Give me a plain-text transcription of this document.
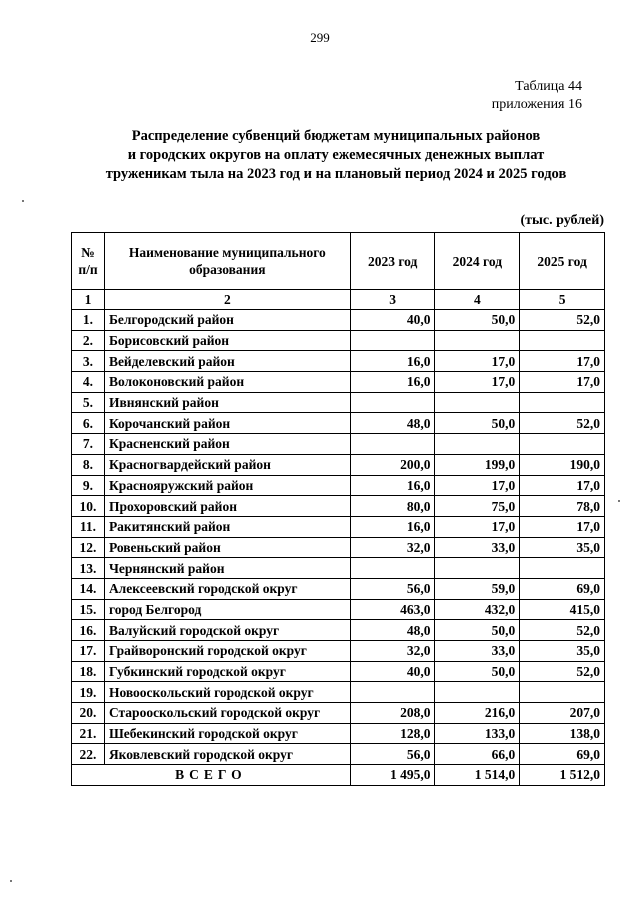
299
Таблица 44
приложения 16
Распределение субвенций бюджетам муниципальных районов
и городских округов на оплату ежемесячных денежных выплат
труженикам тыла на 2023 год и на плановый период 2024 и 2025 годов
(тыс. рублей)
№ п/п	Наименование муниципального образования	2023 год	2024 год	2025 год
1	2	3	4	5
1.	Белгородский район	40,0	50,0	52,0
2.	Борисовский район			
3.	Вейделевский район	16,0	17,0	17,0
4.	Волоконовский район	16,0	17,0	17,0
5.	Ивнянский район			
6.	Корочанский район	48,0	50,0	52,0
7.	Красненский район			
8.	Красногвардейский район	200,0	199,0	190,0
9.	Краснояружский район	16,0	17,0	17,0
10.	Прохоровский район	80,0	75,0	78,0
11.	Ракитянский район	16,0	17,0	17,0
12.	Ровеньский район	32,0	33,0	35,0
13.	Чернянский район			
14.	Алексеевский городской округ	56,0	59,0	69,0
15.	город Белгород	463,0	432,0	415,0
16.	Валуйский городской округ	48,0	50,0	52,0
17.	Грайворонский городской округ	32,0	33,0	35,0
18.	Губкинский городской округ	40,0	50,0	52,0
19.	Новооскольский городской округ			
20.	Старооскольский городской округ	208,0	216,0	207,0
21.	Шебекинский городской округ	128,0	133,0	138,0
22.	Яковлевский городской округ	56,0	66,0	69,0
ВСЕГО		1 495,0	1 514,0	1 512,0
